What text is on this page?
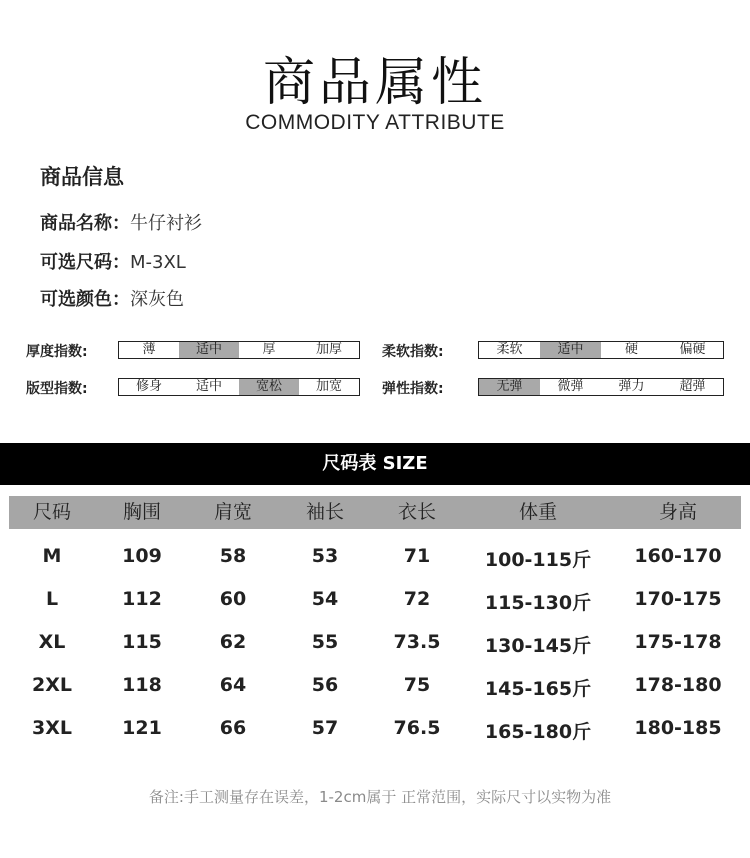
商品属性
COMMODITY ATTRIBUTE
商品信息
商品名称：牛仔衬衫
可选尺码：M-3XL
可选颜色：深灰色
厚度指数:	薄	适中	厚	加厚	柔软指数:	柔软	适中	硬	偏硬
版型指数:	修身	适中	宽松	加宽	弹性指数:	无弹	微弹	弹力	超弹
尺码表 SIZE
尺码	胸围	肩宽	袖长	衣长	体重	身高
M	109	58	53	71	100-115斤 160-170
L	112	60	54	72	115-130斤 170-175
XL	115	62	55	73.5 130-145斤 175-178
2XL	118	64	56	75	145-165斤 178-180
3XL	121	66	57	76.5 165-180斤 180-185
备注:手工测量存在误差，1-2cm属于 正常范围，实际尺寸以实物为准
